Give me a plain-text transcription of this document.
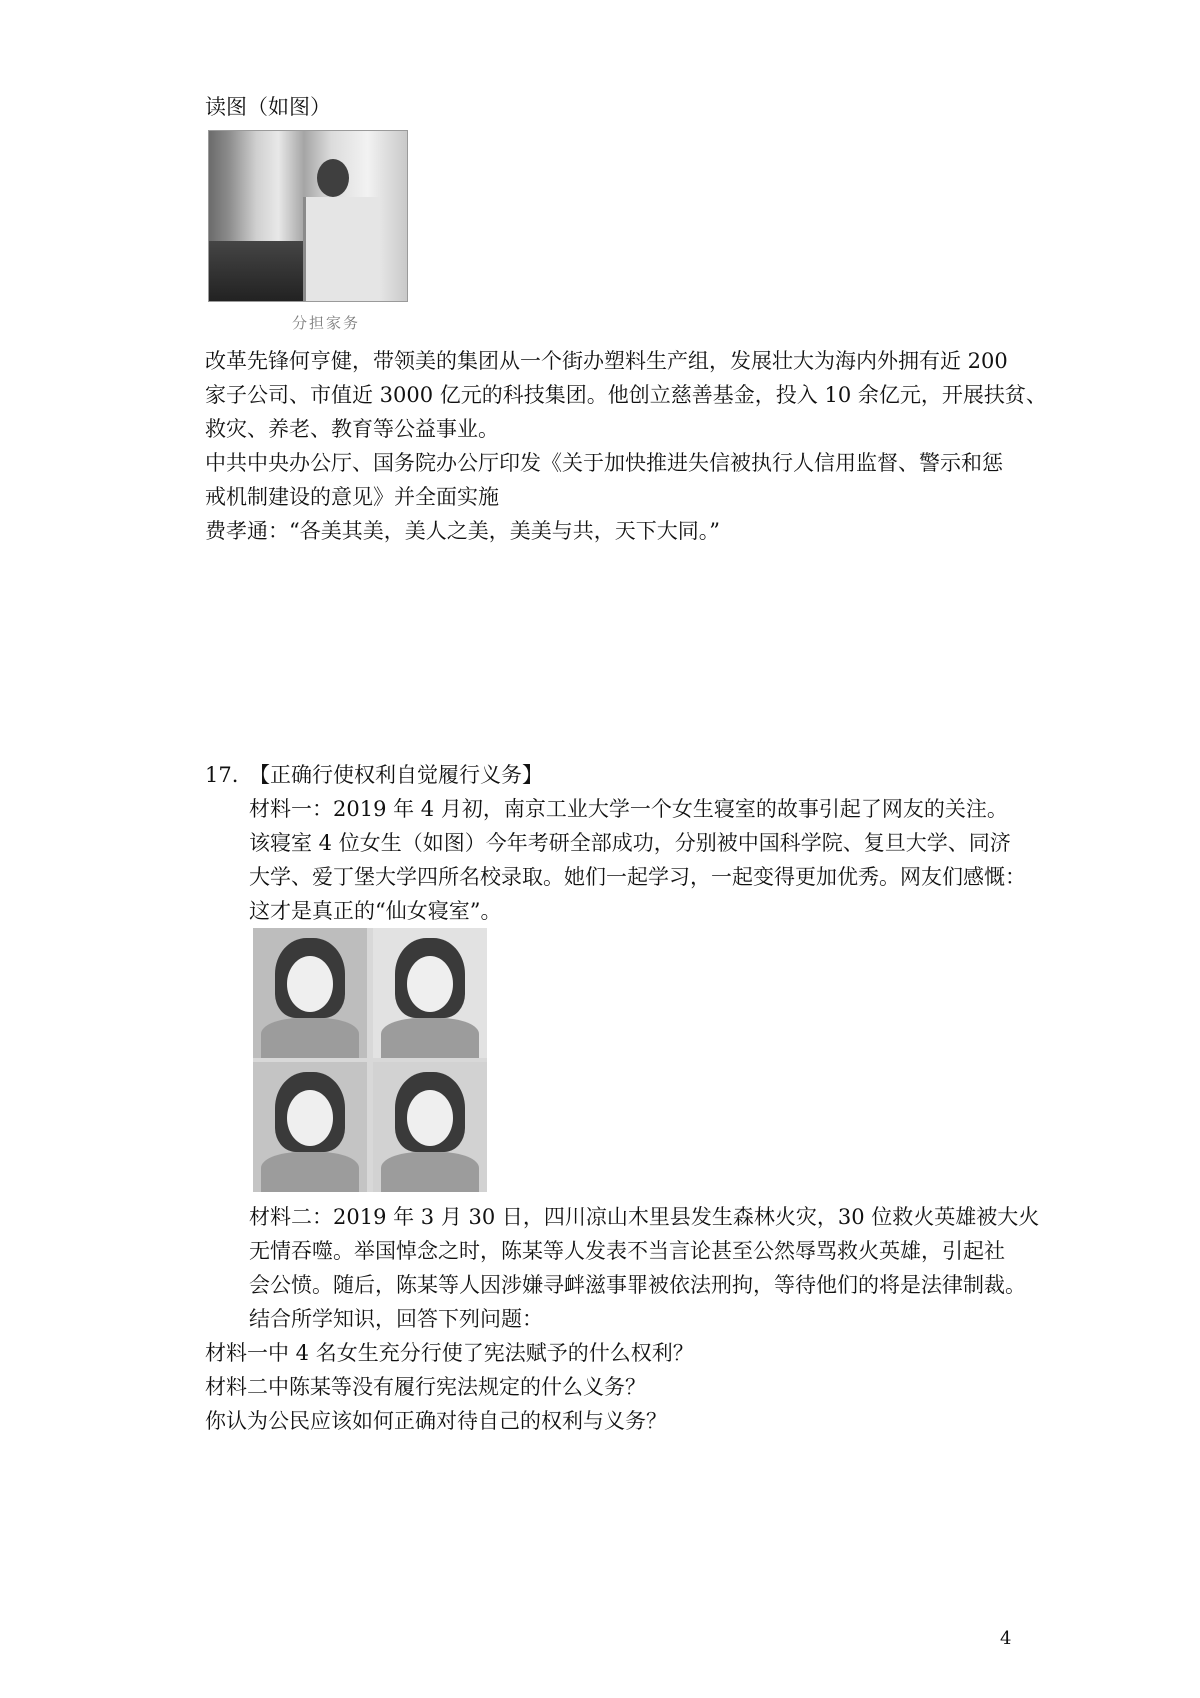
读图（如图）
分担家务
改革先锋何亨健，带领美的集团从一个街办塑料生产组，发展壮大为海内外拥有近 200
家子公司、市值近 3000 亿元的科技集团。他创立慈善基金，投入 10 余亿元，开展扶贫、
救灾、养老、教育等公益事业。
中共中央办公厅、国务院办公厅印发《关于加快推进失信被执行人信用监督、警示和惩
戒机制建设的意见》并全面实施
费孝通：“各美其美，美人之美，美美与共，天下大同。”
17. 【正确行使权利自觉履行义务】
材料一：2019 年 4 月初，南京工业大学一个女生寝室的故事引起了网友的关注。
该寝室 4 位女生（如图）今年考研全部成功，分别被中国科学院、复旦大学、同济
大学、爱丁堡大学四所名校录取。她们一起学习，一起变得更加优秀。网友们感慨：
这才是真正的“仙女寝室”。
材料二：2019 年 3 月 30 日，四川凉山木里县发生森林火灾，30 位救火英雄被大火
无情吞噬。举国悼念之时，陈某等人发表不当言论甚至公然辱骂救火英雄，引起社
会公愤。随后，陈某等人因涉嫌寻衅滋事罪被依法刑拘，等待他们的将是法律制裁。
结合所学知识，回答下列问题：
材料一中 4 名女生充分行使了宪法赋予的什么权利？
材料二中陈某等没有履行宪法规定的什么义务？
你认为公民应该如何正确对待自己的权利与义务？
4
